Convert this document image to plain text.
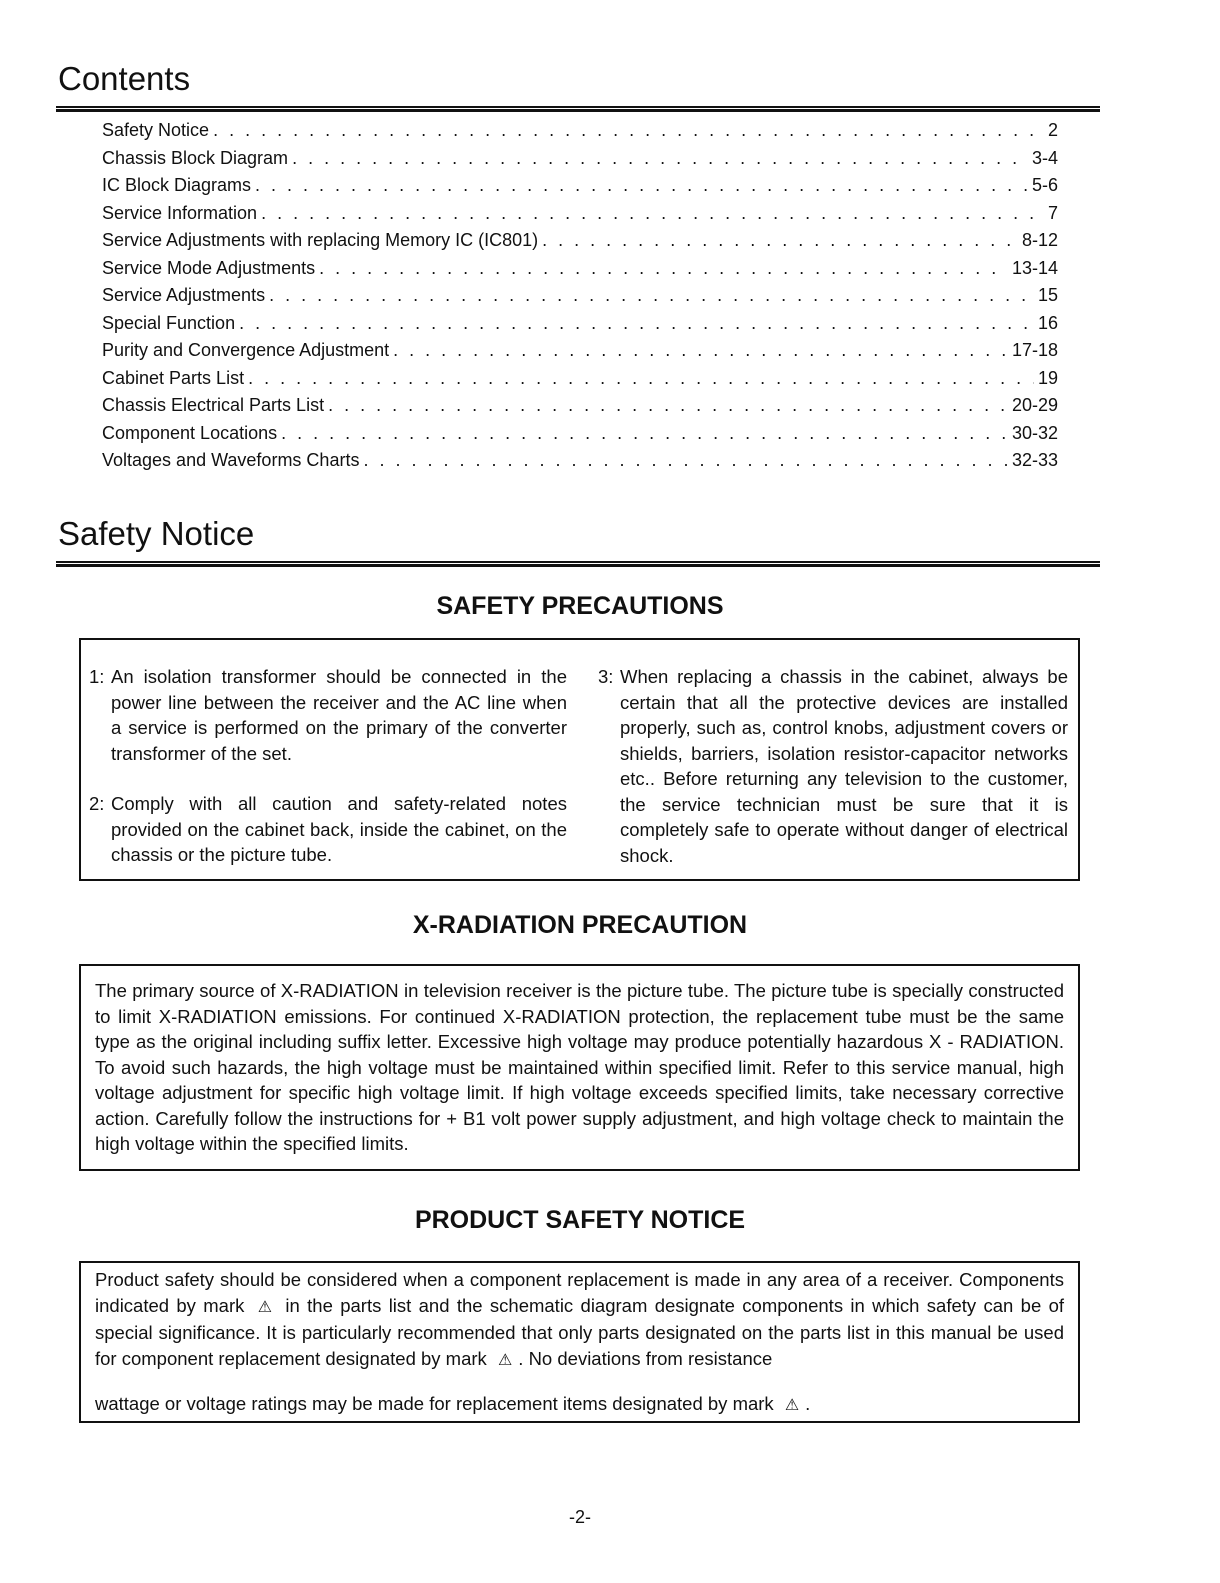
Contents
Safety Notice . . .	2
Chassis Block Diagram . . .	3-4
IC Block Diagrams . . .	5-6
Service Information . . .	7
Service Adjustments with replacing Memory IC (IC801) . . .	8-12
Service Mode Adjustments . . .	13-14
Service Adjustments . . .	15
Special Function . . .	16
Purity and Convergence Adjustment . . .	17-18
Cabinet Parts List . . .	19
Chassis Electrical Parts List . . .	20-29
Component Locations . . .	30-32
Voltages and Waveforms Charts . . .	32-33
Safety Notice
SAFETY PRECAUTIONS
1: An isolation transformer should be connected in the power line between the receiver and the AC line when a service is performed on the primary of the converter transformer of the set.
2: Comply with all caution and safety-related notes provided on the cabinet back, inside the cabinet, on the chassis or the picture tube.
3: When replacing a chassis in the cabinet, always be certain that all the protective devices are installed properly, such as, control knobs, adjustment covers or shields, barriers, isolation resistor-capacitor networks etc.. Before returning any television to the customer, the service technician must be sure that it is completely safe to operate without danger of electrical shock.
X-RADIATION PRECAUTION
The primary source of X-RADIATION in television receiver is the picture tube. The picture tube is specially constructed to limit X-RADIATION emissions. For continued X-RADIATION protection, the replacement tube must be the same type as the original including suffix letter. Excessive high voltage may produce potentially hazardous X - RADIATION. To avoid such hazards, the high voltage must be maintained within specified limit. Refer to this service manual, high voltage adjustment for specific high voltage limit. If high voltage exceeds specified limits, take necessary corrective action. Carefully follow the instructions for + B1 volt power supply adjustment, and high voltage check to maintain the high voltage within the specified limits.
PRODUCT SAFETY NOTICE
Product safety should be considered when a component replacement is made in any area of a receiver. Components indicated by mark ⚠ in the parts list and the schematic diagram designate components in which safety can be of special significance. It is particularly recommended that only parts designated on the parts list in this manual be used for component replacement designated by mark ⚠ . No deviations from resistance
wattage or voltage ratings may be made for replacement items designated by mark ⚠ .
-2-
